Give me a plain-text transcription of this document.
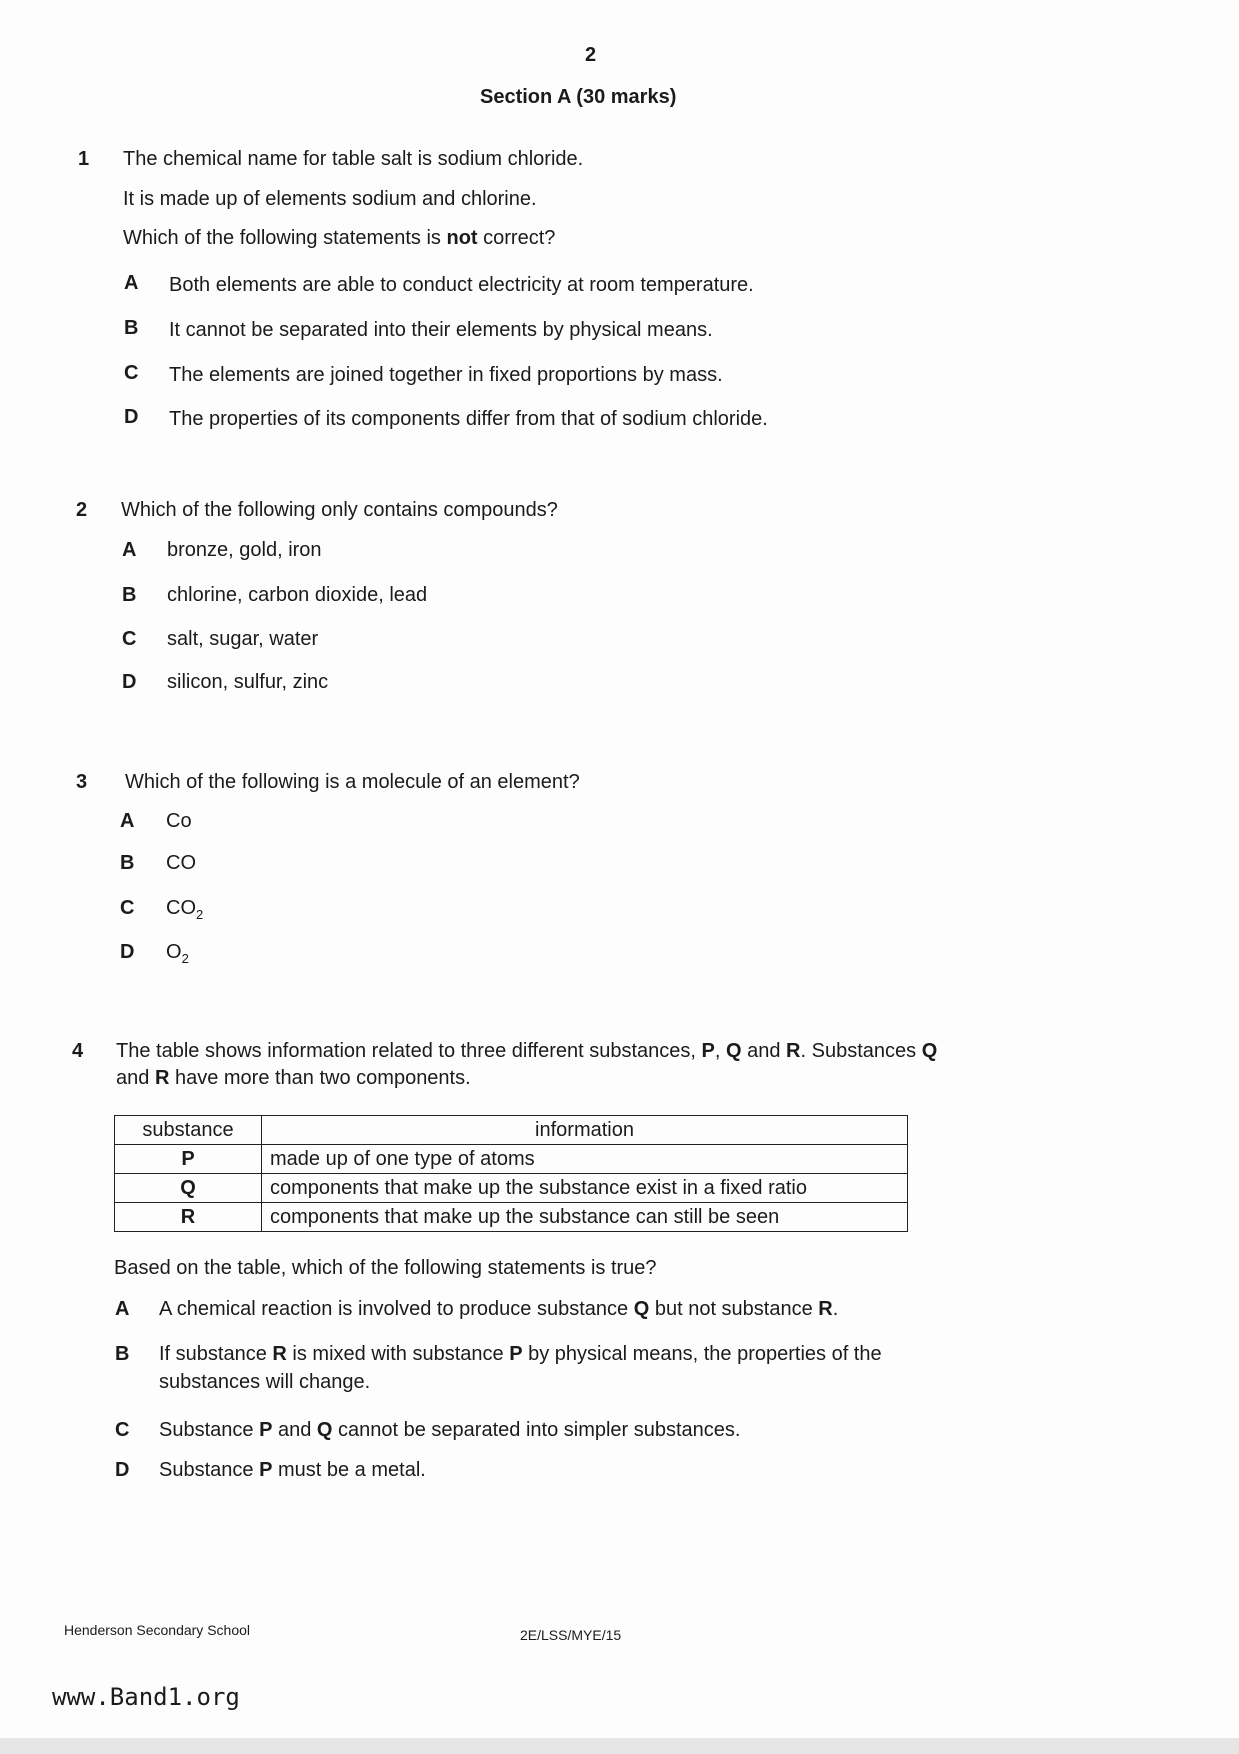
2
Section A (30 marks)
1 The chemical name for table salt is sodium chloride.
It is made up of elements sodium and chlorine.
Which of the following statements is not correct?
A Both elements are able to conduct electricity at room temperature.
B It cannot be separated into their elements by physical means.
C The elements are joined together in fixed proportions by mass.
D The properties of its components differ from that of sodium chloride.
2 Which of the following only contains compounds?
A bronze, gold, iron
B chlorine, carbon dioxide, lead
C salt, sugar, water
D silicon, sulfur, zinc
3 Which of the following is a molecule of an element?
A Co
B CO
C $CO_2$
D $O_2$
4 The table shows information related to three different substances, P, Q and R. Substances Q
and R have more than two components.
substance	information
P	made up of one type of atoms
Q	components that make up the substance exist in a fixed ratio
R	components that make up the substance can still be seen
Based on the table, which of the following statements is true?
A A chemical reaction is involved to produce substance Q but not substance R.
B If substance R is mixed with substance P by physical means, the properties of the
substances will change.
C Substance P and Q cannot be separated into simpler substances.
D Substance P must be a metal.
Henderson Secondary School	2E/LSS/MYE/15
www.Band1.org
